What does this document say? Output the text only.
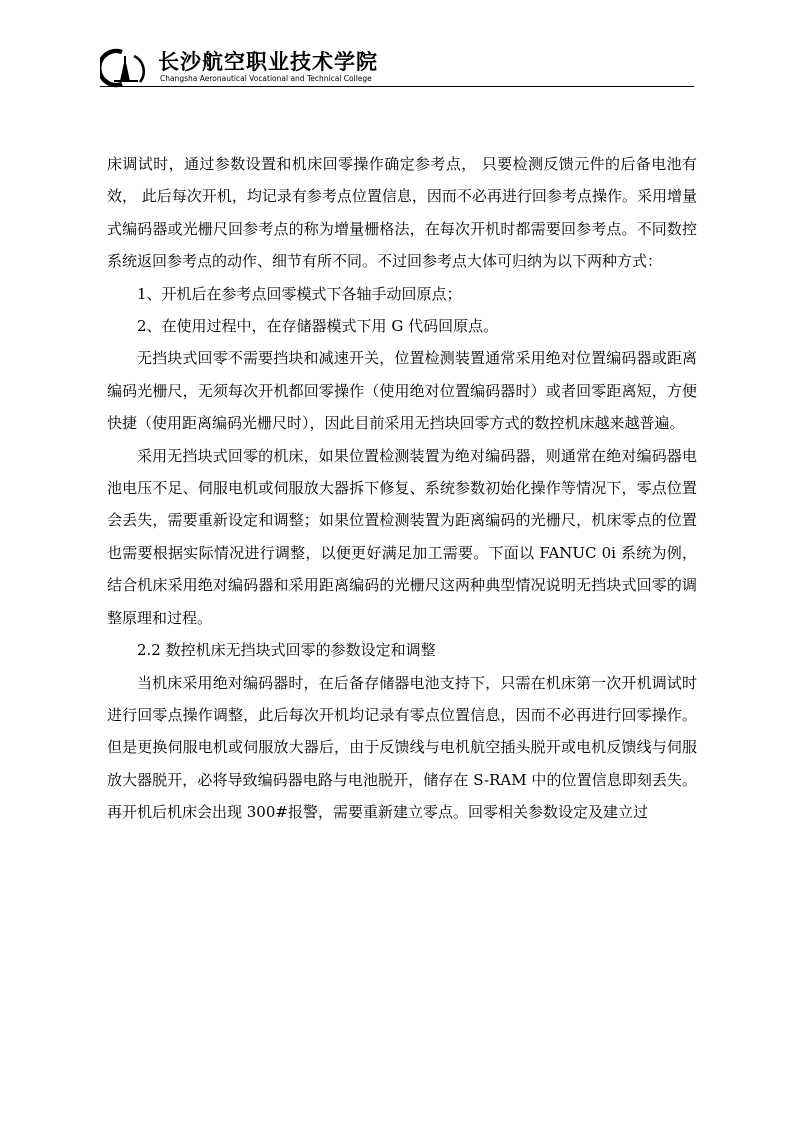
长沙航空职业技术学院
Changsha Aeronautical Vocational and Technical College

床调试时，通过参数设置和机床回零操作确定参考点， 只要检测反馈元件的后备电池有效， 此后每次开机，均记录有参考点位置信息，因而不必再进行回参考点操作。采用增量式编码器或光栅尺回参考点的称为增量栅格法，在每次开机时都需要回参考点。不同数控系统返回参考点的动作、细节有所不同。不过回参考点大体可归纳为以下两种方式：

1、开机后在参考点回零模式下各轴手动回原点；

2、在使用过程中，在存储器模式下用 G 代码回原点。

无挡块式回零不需要挡块和减速开关，位置检测装置通常采用绝对位置编码器或距离编码光栅尺，无须每次开机都回零操作（使用绝对位置编码器时）或者回零距离短，方便快捷（使用距离编码光栅尺时），因此目前采用无挡块回零方式的数控机床越来越普遍。

采用无挡块式回零的机床，如果位置检测装置为绝对编码器，则通常在绝对编码器电池电压不足、伺服电机或伺服放大器拆下修复、系统参数初始化操作等情况下，零点位置会丢失，需要重新设定和调整；如果位置检测装置为距离编码的光栅尺，机床零点的位置也需要根据实际情况进行调整，以便更好满足加工需要。下面以 FANUC 0i 系统为例，结合机床采用绝对编码器和采用距离编码的光栅尺这两种典型情况说明无挡块式回零的调整原理和过程。

2.2 数控机床无挡块式回零的参数设定和调整

当机床采用绝对编码器时，在后备存储器电池支持下，只需在机床第一次开机调试时进行回零点操作调整，此后每次开机均记录有零点位置信息，因而不必再进行回零操作。但是更换伺服电机或伺服放大器后，由于反馈线与电机航空插头脱开或电机反馈线与伺服放大器脱开，必将导致编码器电路与电池脱开，储存在 S-RAM 中的位置信息即刻丢失。再开机后机床会出现 300#报警，需要重新建立零点。回零相关参数设定及建立过
